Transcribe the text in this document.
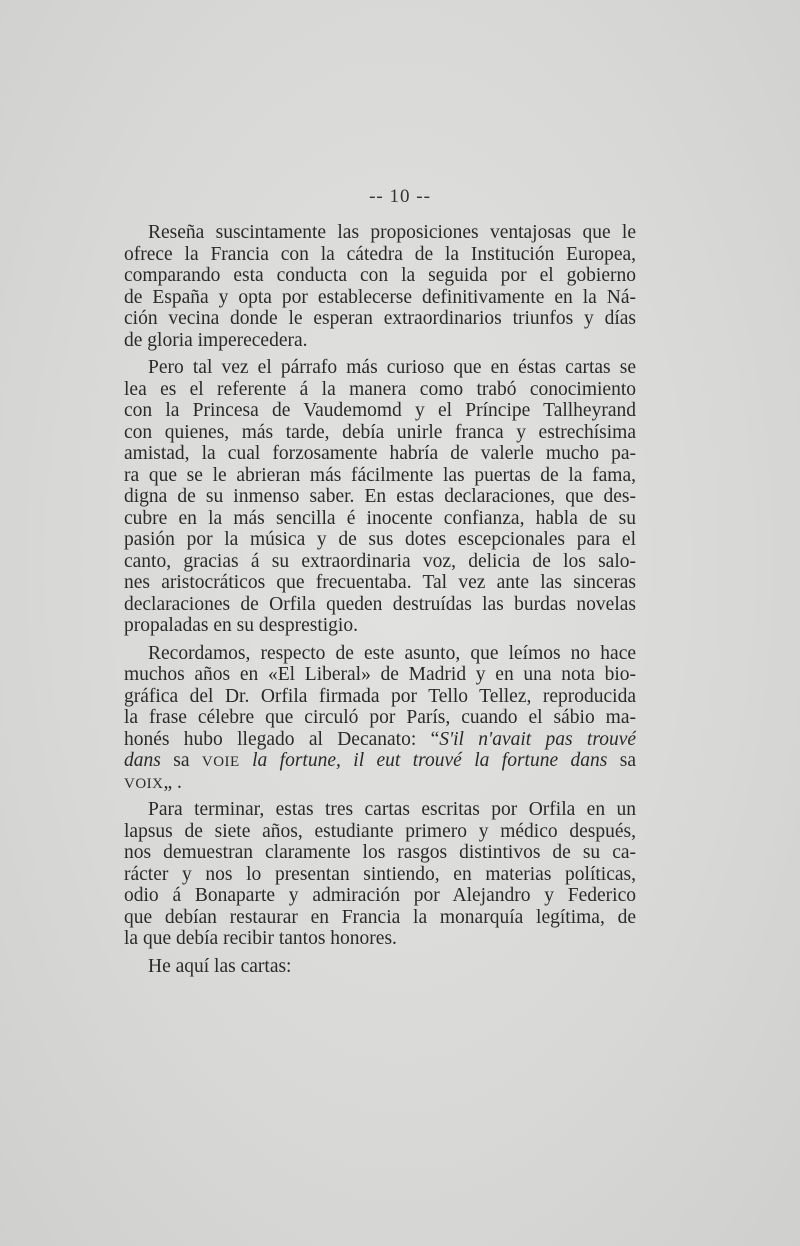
-- 10 --
Reseña suscintamente las proposiciones ventajosas que le
ofrece la Francia con la cátedra de la Institución Europea,
comparando esta conducta con la seguida por el gobierno
de España y opta por establecerse definitivamente en la Ná-
ción vecina donde le esperan extraordinarios triunfos y días
de gloria imperecedera.
Pero tal vez el párrafo más curioso que en éstas cartas se
lea es el referente á la manera como trabó conocimiento
con la Princesa de Vaudemomd y el Príncipe Tallheyrand
con quienes, más tarde, debía unirle franca y estrechísima
amistad, la cual forzosamente habría de valerle mucho pa-
ra que se le abrieran más fácilmente las puertas de la fama,
digna de su inmenso saber. En estas declaraciones, que des-
cubre en la más sencilla é inocente confianza, habla de su
pasión por la música y de sus dotes escepcionales para el
canto, gracias á su extraordinaria voz, delicia de los salo-
nes aristocráticos que frecuentaba. Tal vez ante las sinceras
declaraciones de Orfila queden destruídas las burdas novelas
propaladas en su desprestigio.
Recordamos, respecto de este asunto, que leímos no hace
muchos años en «El Liberal» de Madrid y en una nota bio-
gráfica del Dr. Orfila firmada por Tello Tellez, reproducida
la frase célebre que circuló por París, cuando el sábio ma-
honés hubo llegado al Decanato: “S'il n'avait pas trouvé
dans sa VOIE la fortune, il eut trouvé la fortune dans sa
VOIX„ .
Para terminar, estas tres cartas escritas por Orfila en un
lapsus de siete años, estudiante primero y médico después,
nos demuestran claramente los rasgos distintivos de su ca-
rácter y nos lo presentan sintiendo, en materias políticas,
odio á Bonaparte y admiración por Alejandro y Federico
que debían restaurar en Francia la monarquía legítima, de
la que debía recibir tantos honores.
He aquí las cartas:
